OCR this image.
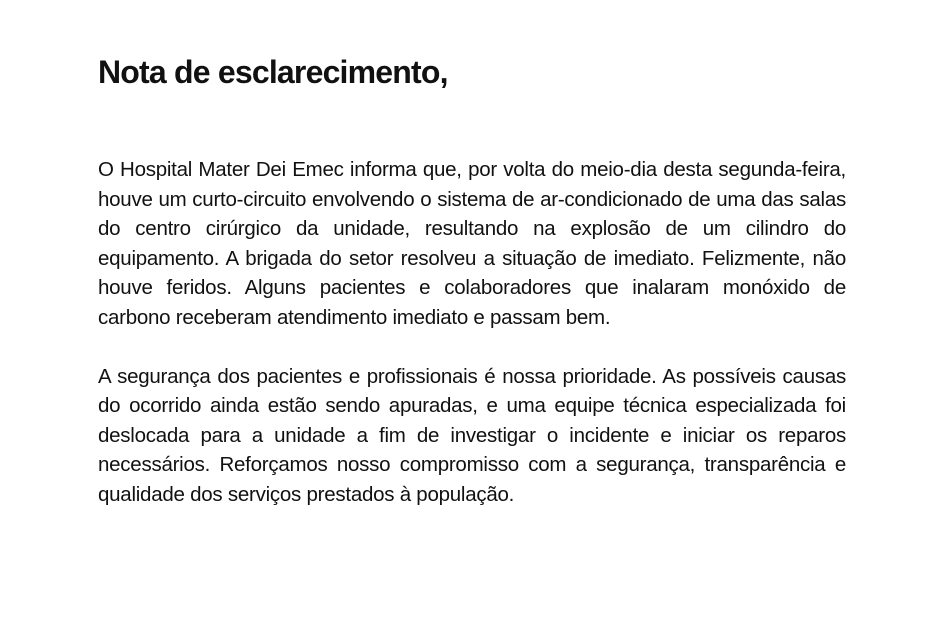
Nota de esclarecimento,

O Hospital Mater Dei Emec informa que, por volta do meio-dia desta segunda-feira, houve um curto-circuito envolvendo o sistema de ar-condicionado de uma das salas do centro cirúrgico da unidade, resultando na explosão de um cilindro do equipamento. A brigada do setor resolveu a situação de imediato. Felizmente, não houve feridos. Alguns pacientes e colaboradores que inalaram monóxido de carbono receberam atendimento imediato e passam bem.

A segurança dos pacientes e profissionais é nossa prioridade. As possíveis causas do ocorrido ainda estão sendo apuradas, e uma equipe técnica especializada foi deslocada para a unidade a fim de investigar o incidente e iniciar os reparos necessários. Reforçamos nosso compromisso com a segurança, transparência e qualidade dos serviços prestados à população.
